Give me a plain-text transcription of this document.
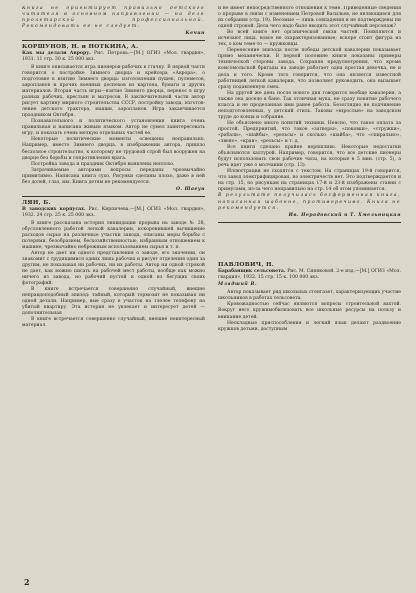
Книга не ориентирует правильно детского читателя в основном направлении — на деле пролетарской профессиональной. Рекомендовать ее не следует.

Кечин

КОРШУНОВ, Н. и НОТКИНА, А.

Как мы делали Аврору. Рис. Петрова.—[М.] ОГИЗ «Мол. гвардия», 1931. 11 стр. 30 к. 25 000 экз.

В книге описывается игра пионеров-рабочих в стачку. В первой части говорится о постройке Зимнего дворца и крейсера «Аврора», о подготовке к взятию Зимнего дворца: изготовлении пушек, пулеметов, аэропланов и прочих военных доспехов из картона, бумаги и других материалов. Вторая часть игры—взятие Зимнего дворца, перенос в игру разных рабочих, крестьян и матросов. В заключительной части автор рисует картину мирного строительства СССР, постройку завода, изготовление детского трактора, машин, аэропланов. Игра заканчивается праздником Октября.

Познавательного и политического установления книга очень правильная и написана живым языком. Автор не сумел заинтересовать игру, и показать очень мелкую отдельных частей ее.

Некоторые политические моменты освещены неправильно. Например, вместо Зимнего дворца, в изображении автора, пришло бесхозное строительство, к которому не трудовой строй был вооружен на дворце без борьбы и сопротивления врага.

Постройка завода и праздник Октября выявлены неплохо.

Затрачиваемые авторами вопросы переданы чрезвычайно примитивно. Написана книга сухо. Рисунки сделаны плохо, даже в ней без долей, глаз, мы. Книга детям не рекомендуется.

О. Шаеун

ЛЯН, Б.

В заводских корпусах. Рис. Кирпичева.—[М.] ОГИЗ «Мол. гвардия», 1932. 24 стр. 25 к. 25 000 экз.

В книге рассказана история ликвидации прорыва на заводе № 28, обусловленного работой легкой кавалерии, искоренившей вычищение расходов сырья на различные участки завода, описаны меры борьбы с потерями, безобразием, бесхозяйственностью, избранным отношением к машине, чрезвычайно небрежным использованием сырья и т. п.

Автор не дает ни одного представления о заводе, его значении, он знакомит с трудящимися одних лишь рабочих и рисует отделения один за другим, не показывая ни рабочих, ни их работы. Автор ни одной строкой не дает, как можно писать на рабочей мест работы, вообще как можно ничего из завода, но рабочий пустой и одной из бегущих своих фотографий.

В книге встречается совершенно случайный, внешне неправдоподобный эпизод: тайный, который тормозит не показывая ни одной детали. Например, вые сразу в участок на тлелее телефону на убитый квартиру. Эта история не увлекает и интересует детей — дополнительная

В книге встречается совершенно случайный, внешне неинтересный материал.

и не имеет непосредственного отношения к теме. Приведенные сведения о прорыве в связи с изменением Петровой Васильев, не являющиеся для их собрания (стр. 19). Весомые — лишь совпадения и не подтверждены ни одной строкой. Дела чего надо было вводить этот случайный персонаж?

Во всей книге нет органической связи частей. Появляются и исчезают лица, вовсе не охарактеризованные; вскоре стоит фигура из тех, о ком теме-то — кружковцы.

Перенесение эпизода после победы детской кавалерии показывает прямо механически. В первой половине книги показаны примеры технической стороны завода. Сохраняя предусмотрения, что кроме комсомольской бригады на заводе работает одна простая девочка, не и дела и того. Кроме того говорится, что она является известной работницей легкой кавалерии, что позволяет руководить, она вызывает сразу подавленную смех.

На другой же день после нового дня говорится вообще кавалерия, а также она доселе в бане. Так отличная мука, не сразу понятие рабочего класса и не проделанная ими ранее работа. Безоглядно не подчинение неподготовленных, у детский стиль. Таковы «взрослые» на заводском труде до конца и собрание.

Не объяснено много понятий техники. Неясно, что такое оплата за простой. Предприятий, что такое «затворы», «поковки», «стружки», «рабали», «шайбы», «рельсы» и сколько «шайба», что «спирально», «звено», «кран», «рельсы» и т. д.

Все книги сделано крайне неряшливо. Некоторые недостатки объясняются халтурой. Например, говорится, что все детские пионеры будут использовать свои рабочие часы, на которые в 5 мин. (стр. 5), а речь идет уже о молчании (стр. 13).

Иллюстрации не сходятся с текстом. На страницах 19-й говорится, что завод электрифицирован, но электричеств нет. Это подтверждается и на стр. 15, по рисункам на страницах 17-й и 23-й изображены ставни с примусами, из-за чего неправильно на стр. 14 об этом упоминается.

В результате получилась бесформенная книга, написанная шабонно, противоречиво. Книга не рекомендуется.

Ив. Нерадовский и Т. Хмельницкая

ПАВЛОВИЧ, Н.

Барабанщик сельсовета. Рис. М. Синяковой. 2-е изд.—[М.] ОГИЗ «Мол. гвардия», 1932. 15 стр. 15 к. 100 000 экз.

Младший В.

Автор показывает ряд школьных стенгазет, характеризующих участие школьников в работах сельсовета.

Кровожадностью сейчас являются вопросы строительной вахтой. Вокруг него кружимобилизовать все школьные ресурсы на пользу и вникание детей.

Нескладные приспособления и легкий язык делают раздвоение кружков детьми, доступным

2
